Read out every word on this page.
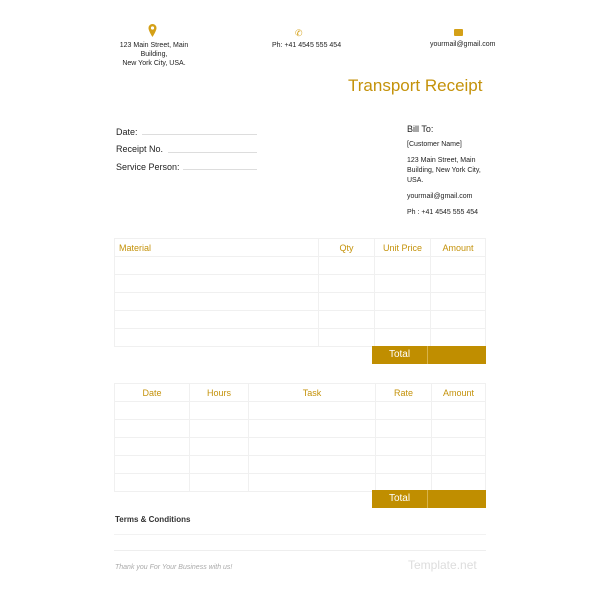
123 Main Street, Main Building,
New York City, USA.
✆
Ph: +41 4545 555 454	yourmail@gmail.com
Transport Receipt
Date:
Receipt No.
Service Person:
Bill To:
[Customer Name]
123 Main Street, Main Building, New York City, USA.
yourmail@gmail.com
Ph : +41 4545 555 454
Material	Qty	Unit Price	Amount

Total
Date	Hours	Task	Rate	Amount

Total
Terms & Conditions
Thank you For Your Business with us!	Template.net
